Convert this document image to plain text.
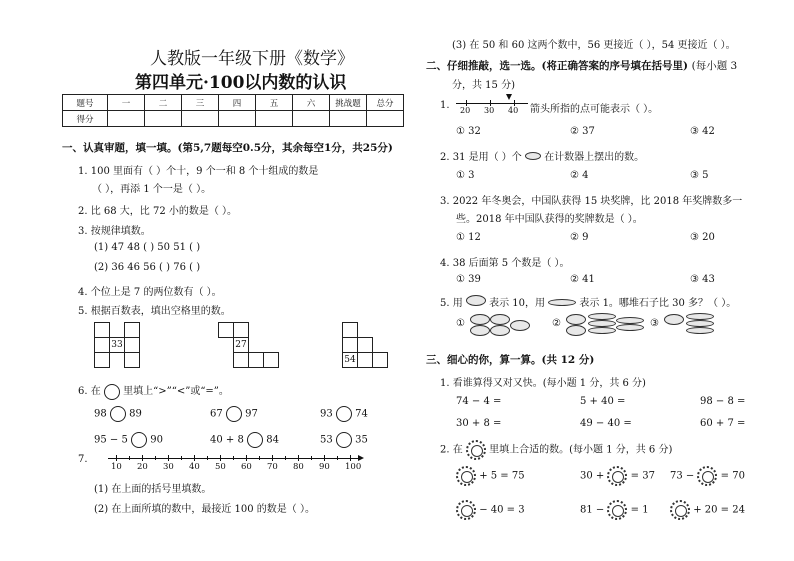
人教版一年级下册《数学》
第四单元·100以内数的认识
题号	一	二	三	四	五	六	挑战题	总分
得分								
一、认真审题，填一填。(第5,7题每空0.5分，其余每空1分，共25分)
1. 100 里面有（ ）个十，9 个一和 8 个十组成的数是
（ ），再添 1 个一是（ ）。
2. 比 68 大，比 72 小的数是（ ）。
3. 按规律填数。
(1) 47 48 ( ) 50 51 ( )
(2) 36 46 56 ( ) 76 ( )
4. 个位上是 7 的两位数有（ ）。
5. 根据百数表，填出空格里的数。
33	27
54
6. 在 里填上“>”“<”或“=”。
98 89	67 97	93 74
95 − 5 90	40 + 8 84	53 35
7.
10 20 30 40 50 60 70 80 90 100
(1) 在上面的括号里填数。
(2) 在上面所填的数中，最接近 100 的数是（ ）。
(3) 在 50 和 60 这两个数中，56 更接近（ ），54 更接近（ ）。
二、仔细推敲，选一选。(将正确答案的序号填在括号里) (每小题 3
分，共 15 分)
1. 20 30 40 箭头所指的点可能表示（ ）。
① 32	② 37	③ 42
2. 31 是用（ ）个 在计数器上摆出的数。
① 3	② 4	③ 5
3. 2022 年冬奥会，中国队获得 15 块奖牌，比 2018 年奖牌数多一
些。2018 年中国队获得的奖牌数是（ ）。
① 12	② 9	③ 20
4. 38 后面第 5 个数是（ ）。
① 39	② 41	③ 43
5. 用	表示 10，用	表示 1。哪堆石子比 30 多？（ ）。
①	②	③
三、细心的你，算一算。(共 12 分)
1. 看谁算得又对又快。(每小题 1 分，共 6 分)
74 − 4 =	5 + 40 =	98 − 8 =
30 + 8 =	49 − 40 =	60 + 7 =
2. 在	里填上合适的数。(每小题 1 分，共 6 分)
+ 5 = 75	30 +	= 37 73 −	= 70
− 40 = 3	81 −	= 1	+ 20 = 24
